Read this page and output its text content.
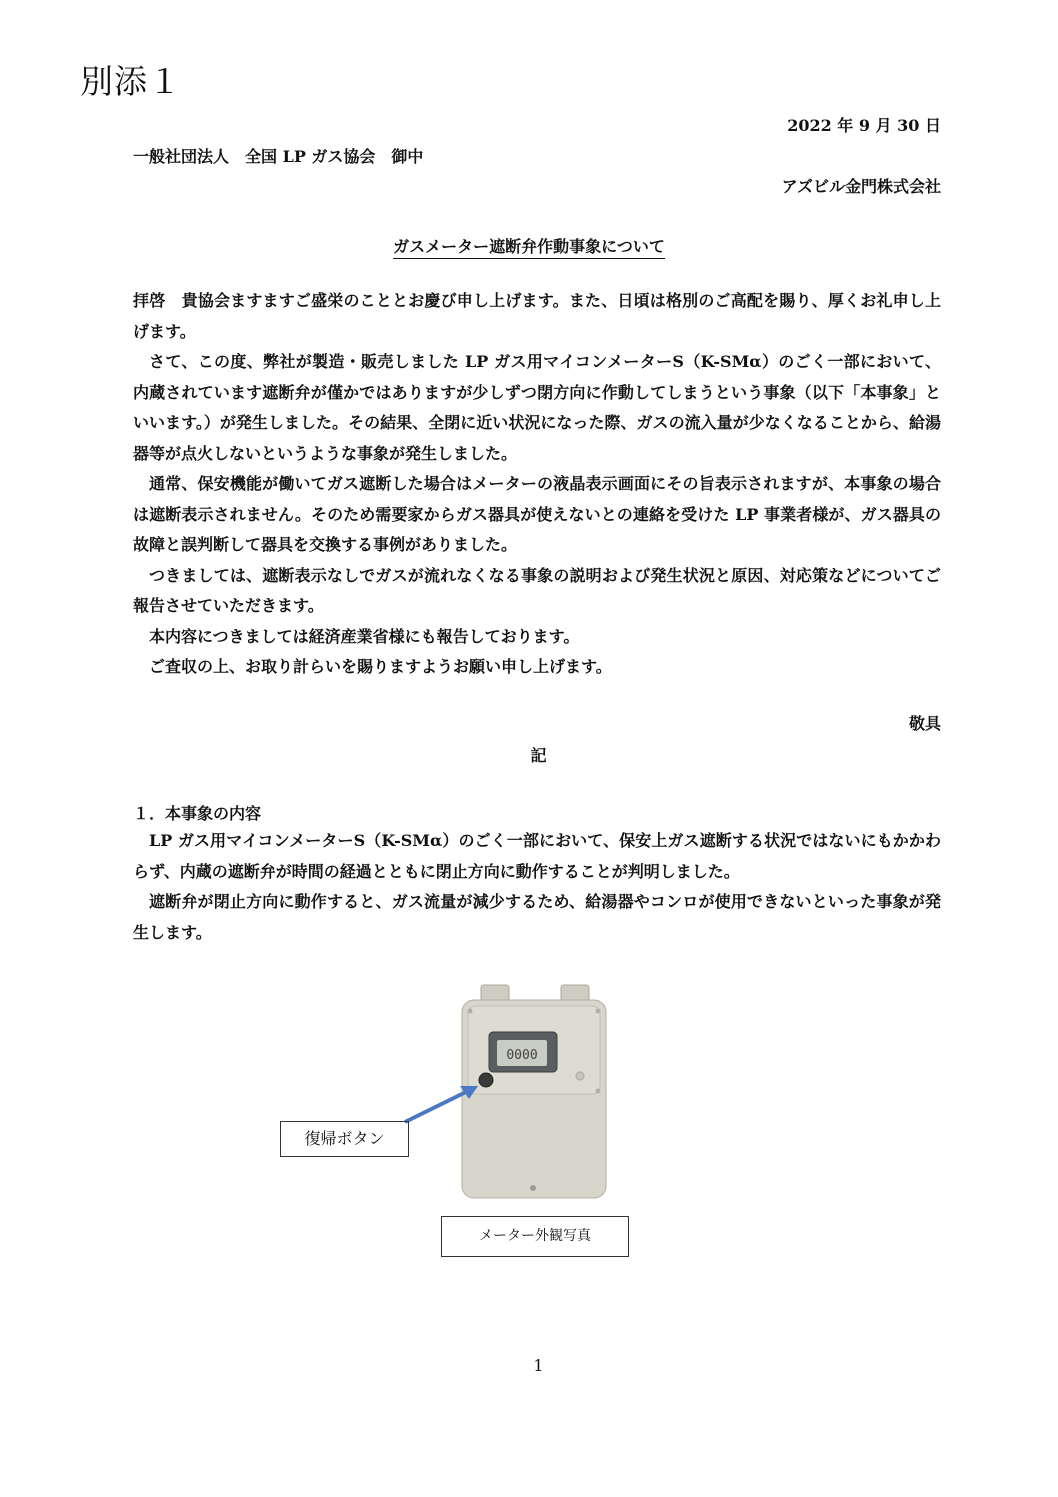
別添１
2022 年 9 月 30 日
一般社団法人　全国 LP ガス協会　御中
アズビル金門株式会社
ガスメーター遮断弁作動事象について

拝啓　貴協会ますますご盛栄のこととお慶び申し上げます。また、日頃は格別のご高配を賜り、厚くお礼申し上げます。

さて、この度、弊社が製造・販売しました LP ガス用マイコンメーターS（K-SMα）のごく一部において、内蔵されています遮断弁が僅かではありますが少しずつ閉方向に作動してしまうという事象（以下「本事象」といいます。）が発生しました。その結果、全閉に近い状況になった際、ガスの流入量が少なくなることから、給湯器等が点火しないというような事象が発生しました。

通常、保安機能が働いてガス遮断した場合はメーターの液晶表示画面にその旨表示されますが、本事象の場合は遮断表示されません。そのため需要家からガス器具が使えないとの連絡を受けた LP 事業者様が、ガス器具の故障と誤判断して器具を交換する事例がありました。

つきましては、遮断表示なしでガスが流れなくなる事象の説明および発生状況と原因、対応策などについてご報告させていただきます。

本内容につきましては経済産業省様にも報告しております。

ご査収の上、お取り計らいを賜りますようお願い申し上げます。

敬具
記
１．本事象の内容

LP ガス用マイコンメーターS（K-SMα）のごく一部において、保安上ガス遮断する状況ではないにもかかわらず、内蔵の遮断弁が時間の経過とともに閉止方向に動作することが判明しました。

遮断弁が閉止方向に動作すると、ガス流量が減少するため、給湯器やコンロが使用できないといった事象が発生します。

0000
復帰ボタン
メーター外観写真
1
